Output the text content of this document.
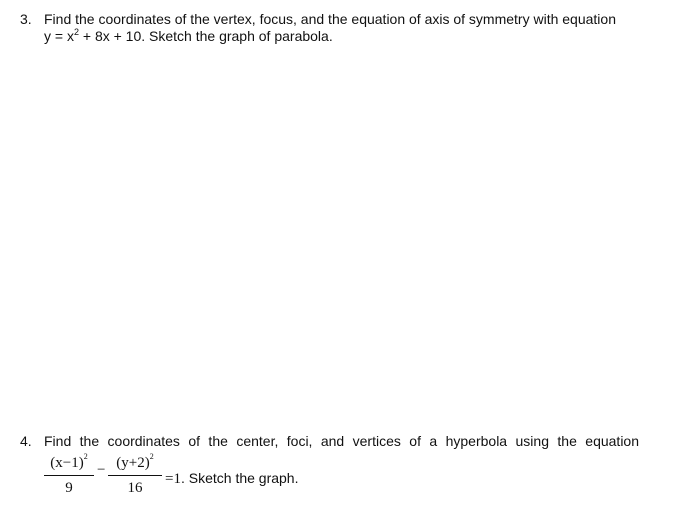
3. Find the coordinates of the vertex, focus, and the equation of axis of symmetry with equation
$y = x^2 + 8x + 10$. Sketch the graph of parabola.
4. Find the coordinates of the center, foci, and vertices of a hyperbola using the equation
$(x-1)^2$
9
− $(y+2)^2$
16
=1. Sketch the graph.
